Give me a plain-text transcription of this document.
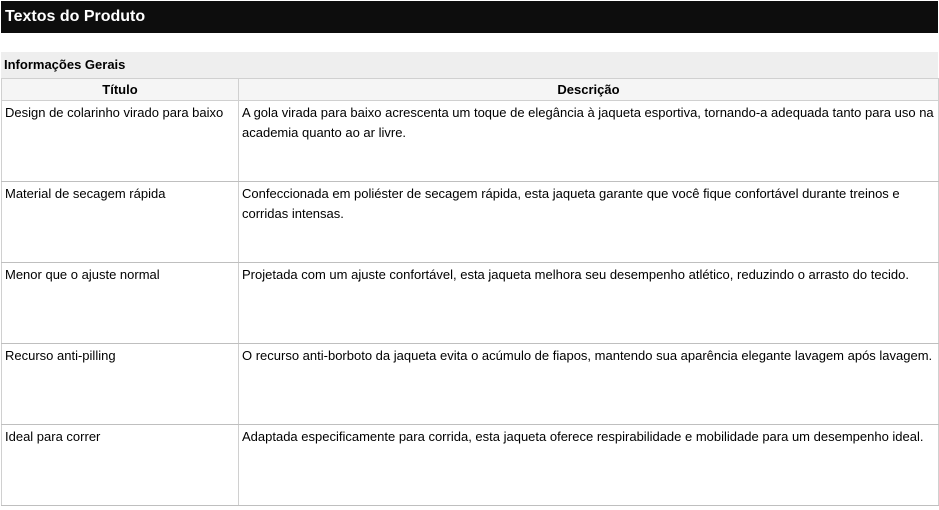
Textos do Produto
Informações Gerais
Título	Descrição
Design de colarinho virado para baixo	A gola virada para baixo acrescenta um toque de elegância à jaqueta esportiva, tornando-a adequada tanto para uso na academia quanto ao ar livre.
Material de secagem rápida	Confeccionada em poliéster de secagem rápida, esta jaqueta garante que você fique confortável durante treinos e corridas intensas.
Menor que o ajuste normal	Projetada com um ajuste confortável, esta jaqueta melhora seu desempenho atlético, reduzindo o arrasto do tecido.
Recurso anti-pilling	O recurso anti-borboto da jaqueta evita o acúmulo de fiapos, mantendo sua aparência elegante lavagem após lavagem.
Ideal para correr	Adaptada especificamente para corrida, esta jaqueta oferece respirabilidade e mobilidade para um desempenho ideal.
